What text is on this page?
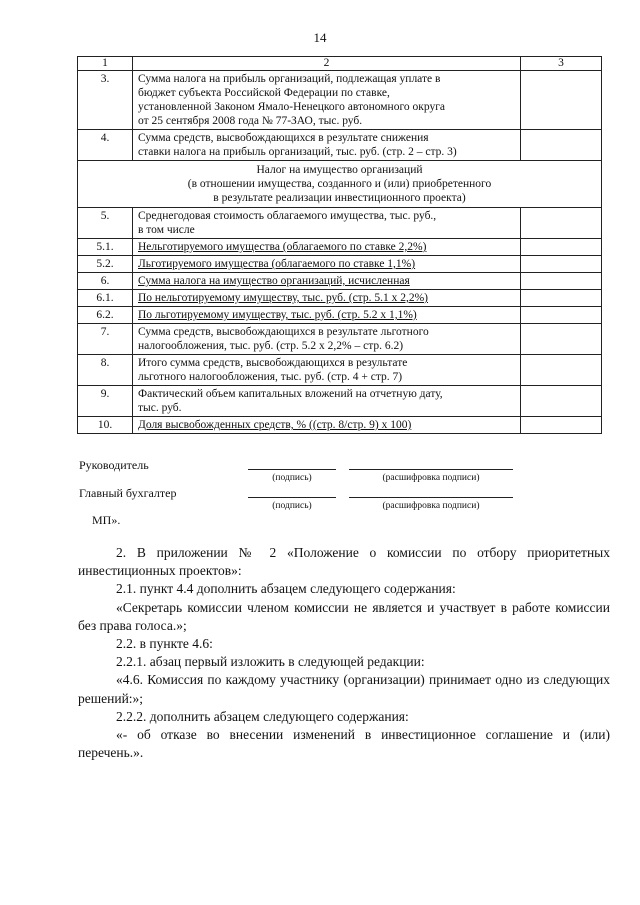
14
1	2	3
3.	Сумма налога на прибыль организаций, подлежащая уплате в
бюджет субъекта Российской Федерации по ставке,
установленной Законом Ямало-Ненецкого автономного округа
от 25 сентября 2008 года № 77-ЗАО, тыс. руб.	

4.	Сумма средств, высвобождающихся в результате снижения
ставки налога на прибыль организаций, тыс. руб. (стр. 2 – стр. 3)	

Налог на имущество организаций
(в отношении имущества, созданного и (или) приобретенного
в результате реализации инвестиционного проекта)		

5.	Среднегодовая стоимость облагаемого имущества, тыс. руб.,
в том числе	

5.1.	Нельготируемого имущества (облагаемого по ставке 2,2%)	
5.2.	Льготируемого имущества (облагаемого по ставке 1,1%)	
6.	Сумма налога на имущество организаций, исчисленная	
6.1.	По нельготируемому имуществу, тыс. руб. (стр. 5.1 х 2,2%)	
6.2.	По льготируемому имуществу, тыс. руб. (стр. 5.2 х 1,1%)	
7.	Сумма средств, высвобождающихся в результате льготного
налогообложения, тыс. руб. (стр. 5.2 х 2,2% – стр. 6.2)	

8.	Итого сумма средств, высвобождающихся в результате
льготного налогообложения, тыс. руб. (стр. 4 + стр. 7)	

9.	Фактический объем капитальных вложений на отчетную дату,
тыс. руб.	

10.	Доля высвобожденных средств, % ((стр. 8/стр. 9) х 100)	
Руководитель
(подпись)	(расшифровка подписи)
Главный бухгалтер
(подпись)	(расшифровка подписи)
МП».

2. В приложении № 2 «Положение о комиссии по отбору приоритетных инвестиционных проектов»:

2.1. пункт 4.4 дополнить абзацем следующего содержания:

«Секретарь комиссии членом комиссии не является и участвует в работе комиссии без права голоса.»;

2.2. в пункте 4.6:

2.2.1. абзац первый изложить в следующей редакции:

«4.6. Комиссия по каждому участнику (организации) принимает одно из следующих решений:»;

2.2.2. дополнить абзацем следующего содержания:

«- об отказе во внесении изменений в инвестиционное соглашение и (или) перечень.».
